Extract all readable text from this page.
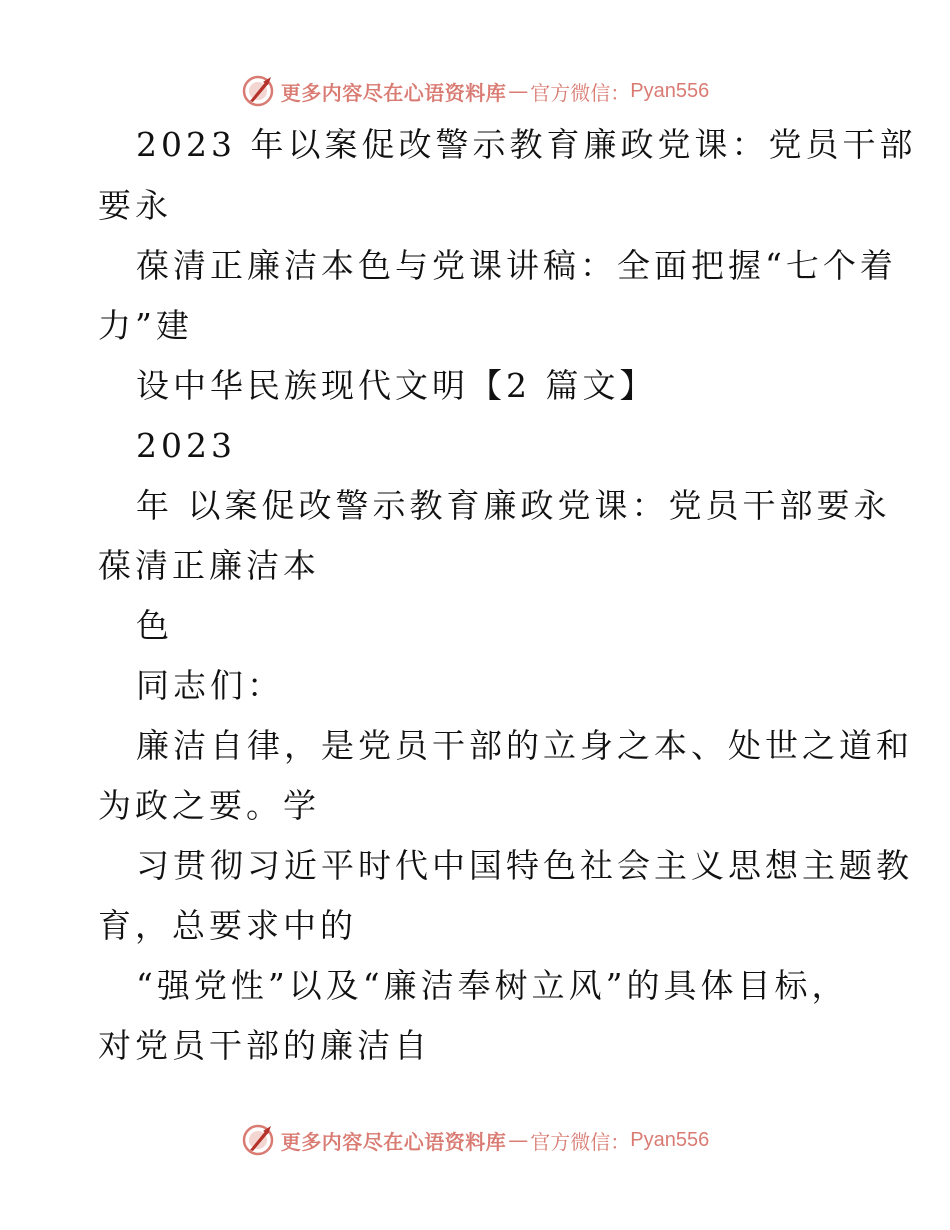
更多内容尽在心语资料库 — 官方微信： Pyan556
2023 年以案促改警示教育廉政党课：党员干部
要永
葆清正廉洁本色与党课讲稿：全面把握“七个着
力”建
设中华民族现代文明【2 篇文】
2023
年 以案促改警示教育廉政党课：党员干部要永
葆清正廉洁本
色
同志们：
廉洁自律，是党员干部的立身之本、处世之道和
为政之要。学
习贯彻习近平时代中国特色社会主义思想主题教
育，总要求中的
“强党性”以及“廉洁奉树立风”的具体目标，
对党员干部的廉洁自
更多内容尽在心语资料库 — 官方微信： Pyan556
